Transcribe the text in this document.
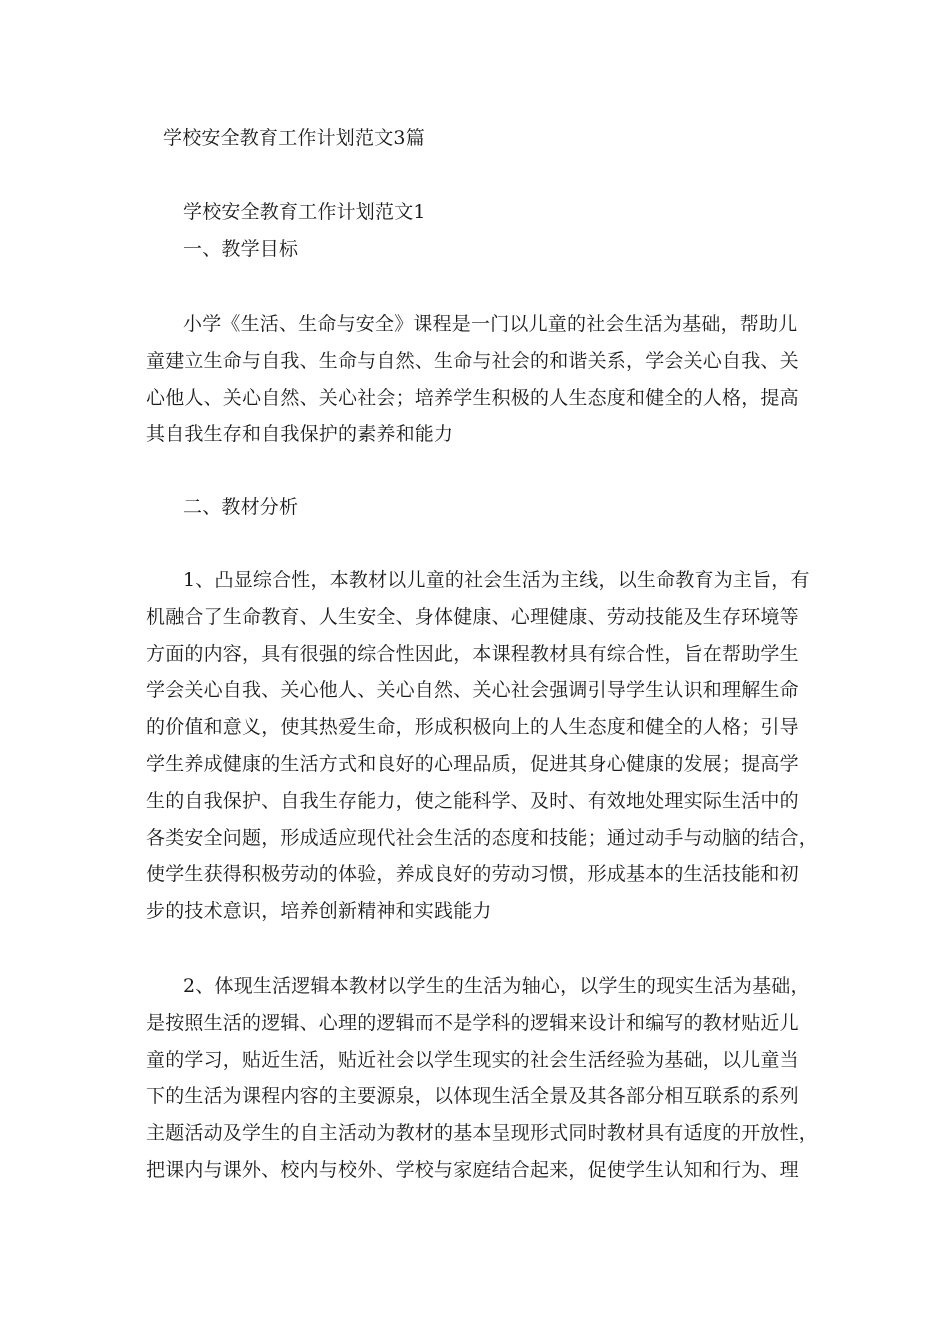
学校安全教育工作计划范文3篇
学校安全教育工作计划范文1
一、教学目标
小学《生活、生命与安全》课程是一门以儿童的社会生活为基础，帮助儿
童建立生命与自我、生命与自然、生命与社会的和谐关系，学会关心自我、关
心他人、关心自然、关心社会；培养学生积极的人生态度和健全的人格，提高
其自我生存和自我保护的素养和能力
二、教材分析
1、凸显综合性，本教材以儿童的社会生活为主线，以生命教育为主旨，有
机融合了生命教育、人生安全、身体健康、心理健康、劳动技能及生存环境等
方面的内容，具有很强的综合性因此，本课程教材具有综合性，旨在帮助学生
学会关心自我、关心他人、关心自然、关心社会强调引导学生认识和理解生命
的价值和意义，使其热爱生命，形成积极向上的人生态度和健全的人格；引导
学生养成健康的生活方式和良好的心理品质，促进其身心健康的发展；提高学
生的自我保护、自我生存能力，使之能科学、及时、有效地处理实际生活中的
各类安全问题，形成适应现代社会生活的态度和技能；通过动手与动脑的结合，
使学生获得积极劳动的体验，养成良好的劳动习惯，形成基本的生活技能和初
步的技术意识，培养创新精神和实践能力
2、体现生活逻辑本教材以学生的生活为轴心，以学生的现实生活为基础，
是按照生活的逻辑、心理的逻辑而不是学科的逻辑来设计和编写的教材贴近儿
童的学习，贴近生活，贴近社会以学生现实的社会生活经验为基础，以儿童当
下的生活为课程内容的主要源泉，以体现生活全景及其各部分相互联系的系列
主题活动及学生的自主活动为教材的基本呈现形式同时教材具有适度的开放性，
把课内与课外、校内与校外、学校与家庭结合起来，促使学生认知和行为、理
